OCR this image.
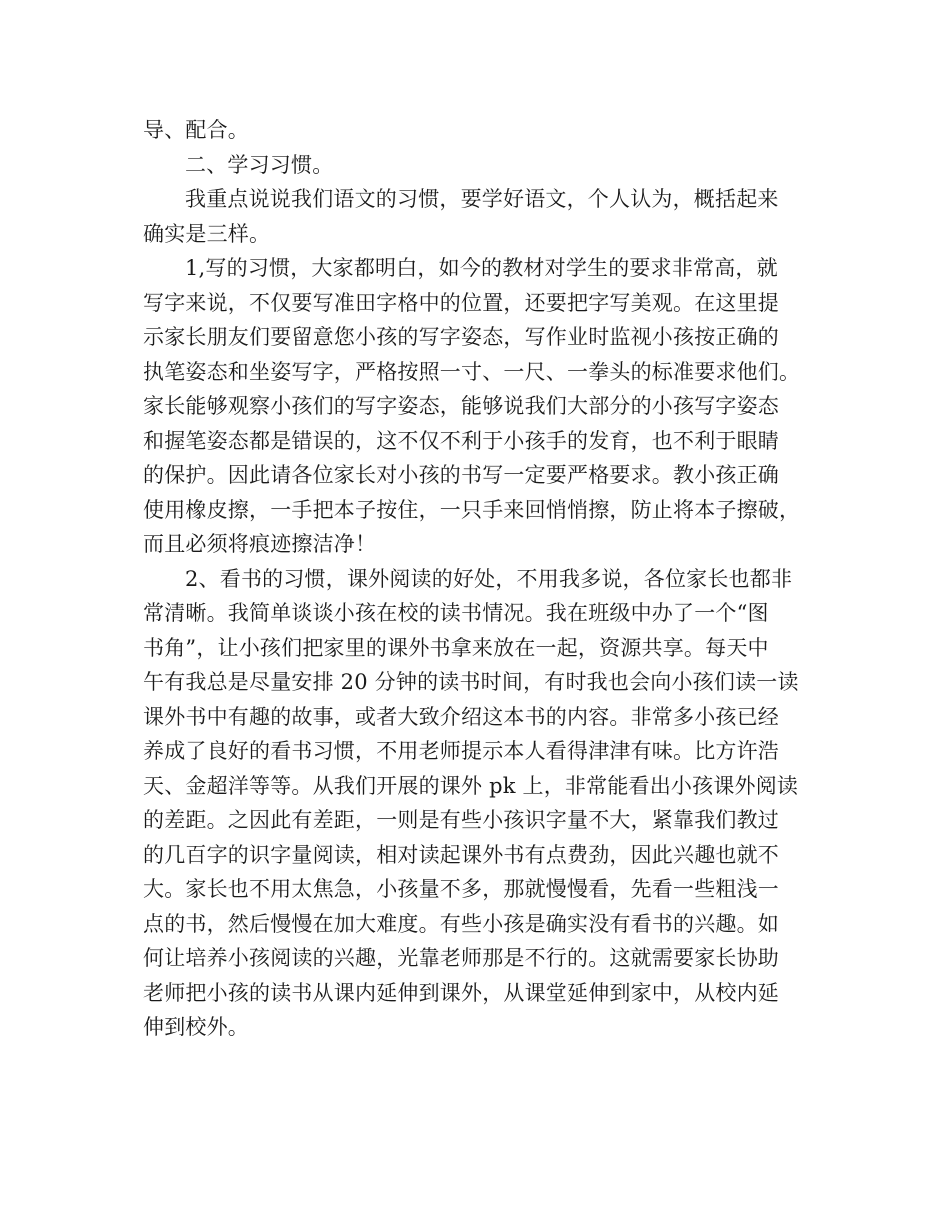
导、配合。
二、学习习惯。
我重点说说我们语文的习惯，要学好语文，个人认为，概括起来
确实是三样。
1,写的习惯，大家都明白，如今的教材对学生的要求非常高，就
写字来说，不仅要写准田字格中的位置，还要把字写美观。在这里提
示家长朋友们要留意您小孩的写字姿态，写作业时监视小孩按正确的
执笔姿态和坐姿写字，严格按照一寸、一尺、一拳头的标准要求他们。
家长能够观察小孩们的写字姿态，能够说我们大部分的小孩写字姿态
和握笔姿态都是错误的，这不仅不利于小孩手的发育，也不利于眼睛
的保护。因此请各位家长对小孩的书写一定要严格要求。教小孩正确
使用橡皮擦，一手把本子按住，一只手来回悄悄擦，防止将本子擦破，
而且必须将痕迹擦洁净！
2、看书的习惯，课外阅读的好处，不用我多说，各位家长也都非
常清晰。我简单谈谈小孩在校的读书情况。我在班级中办了一个“图
书角”，让小孩们把家里的课外书拿来放在一起，资源共享。每天中
午有我总是尽量安排 20 分钟的读书时间，有时我也会向小孩们读一读
课外书中有趣的故事，或者大致介绍这本书的内容。非常多小孩已经
养成了良好的看书习惯，不用老师提示本人看得津津有味。比方许浩
天、金超洋等等。从我们开展的课外 pk 上，非常能看出小孩课外阅读
的差距。之因此有差距，一则是有些小孩识字量不大，紧靠我们教过
的几百字的识字量阅读，相对读起课外书有点费劲，因此兴趣也就不
大。家长也不用太焦急，小孩量不多，那就慢慢看，先看一些粗浅一
点的书，然后慢慢在加大难度。有些小孩是确实没有看书的兴趣。如
何让培养小孩阅读的兴趣，光靠老师那是不行的。这就需要家长协助
老师把小孩的读书从课内延伸到课外，从课堂延伸到家中，从校内延
伸到校外。
